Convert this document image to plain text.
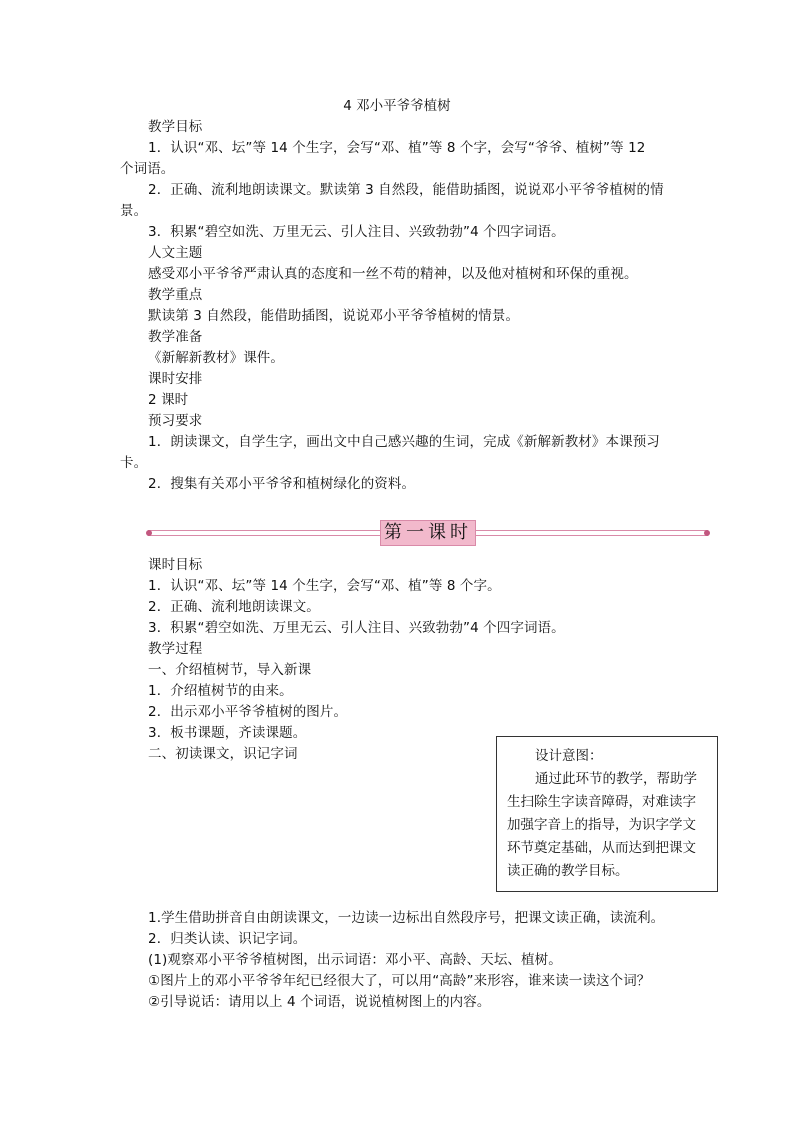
4 邓小平爷爷植树
教学目标
1．认识“邓、坛”等 14 个生字，会写“邓、植”等 8 个字，会写“爷爷、植树”等 12
个词语。
2．正确、流利地朗读课文。默读第 3 自然段，能借助插图，说说邓小平爷爷植树的情
景。
3．积累“碧空如洗、万里无云、引人注目、兴致勃勃”4 个四字词语。
人文主题
感受邓小平爷爷严肃认真的态度和一丝不苟的精神，以及他对植树和环保的重视。
教学重点
默读第 3 自然段，能借助插图，说说邓小平爷爷植树的情景。
教学准备
《新解新教材》课件。
课时安排
2 课时
预习要求
1．朗读课文，自学生字，画出文中自己感兴趣的生词，完成《新解新教材》本课预习
卡。
2．搜集有关邓小平爷爷和植树绿化的资料。
第一课时
课时目标
1．认识“邓、坛”等 14 个生字，会写“邓、植”等 8 个字。
2．正确、流利地朗读课文。
3．积累“碧空如洗、万里无云、引人注目、兴致勃勃”4 个四字词语。
教学过程
一、介绍植树节，导入新课
1．介绍植树节的由来。
2．出示邓小平爷爷植树的图片。
3．板书课题，齐读课题。
二、初读课文，识记字词	设计意图：
通过此环节的教学，帮助学生扫除生字读音障碍，对难读字加强字音上的指导，为识字学文环节奠定基础，从而达到把课文读正确的教学目标。
1.学生借助拼音自由朗读课文，一边读一边标出自然段序号，把课文读正确，读流利。
2．归类认读、识记字词。
(1)观察邓小平爷爷植树图，出示词语：邓小平、高龄、天坛、植树。
①图片上的邓小平爷爷年纪已经很大了，可以用“高龄”来形容，谁来读一读这个词？
②引导说话：请用以上 4 个词语，说说植树图上的内容。
